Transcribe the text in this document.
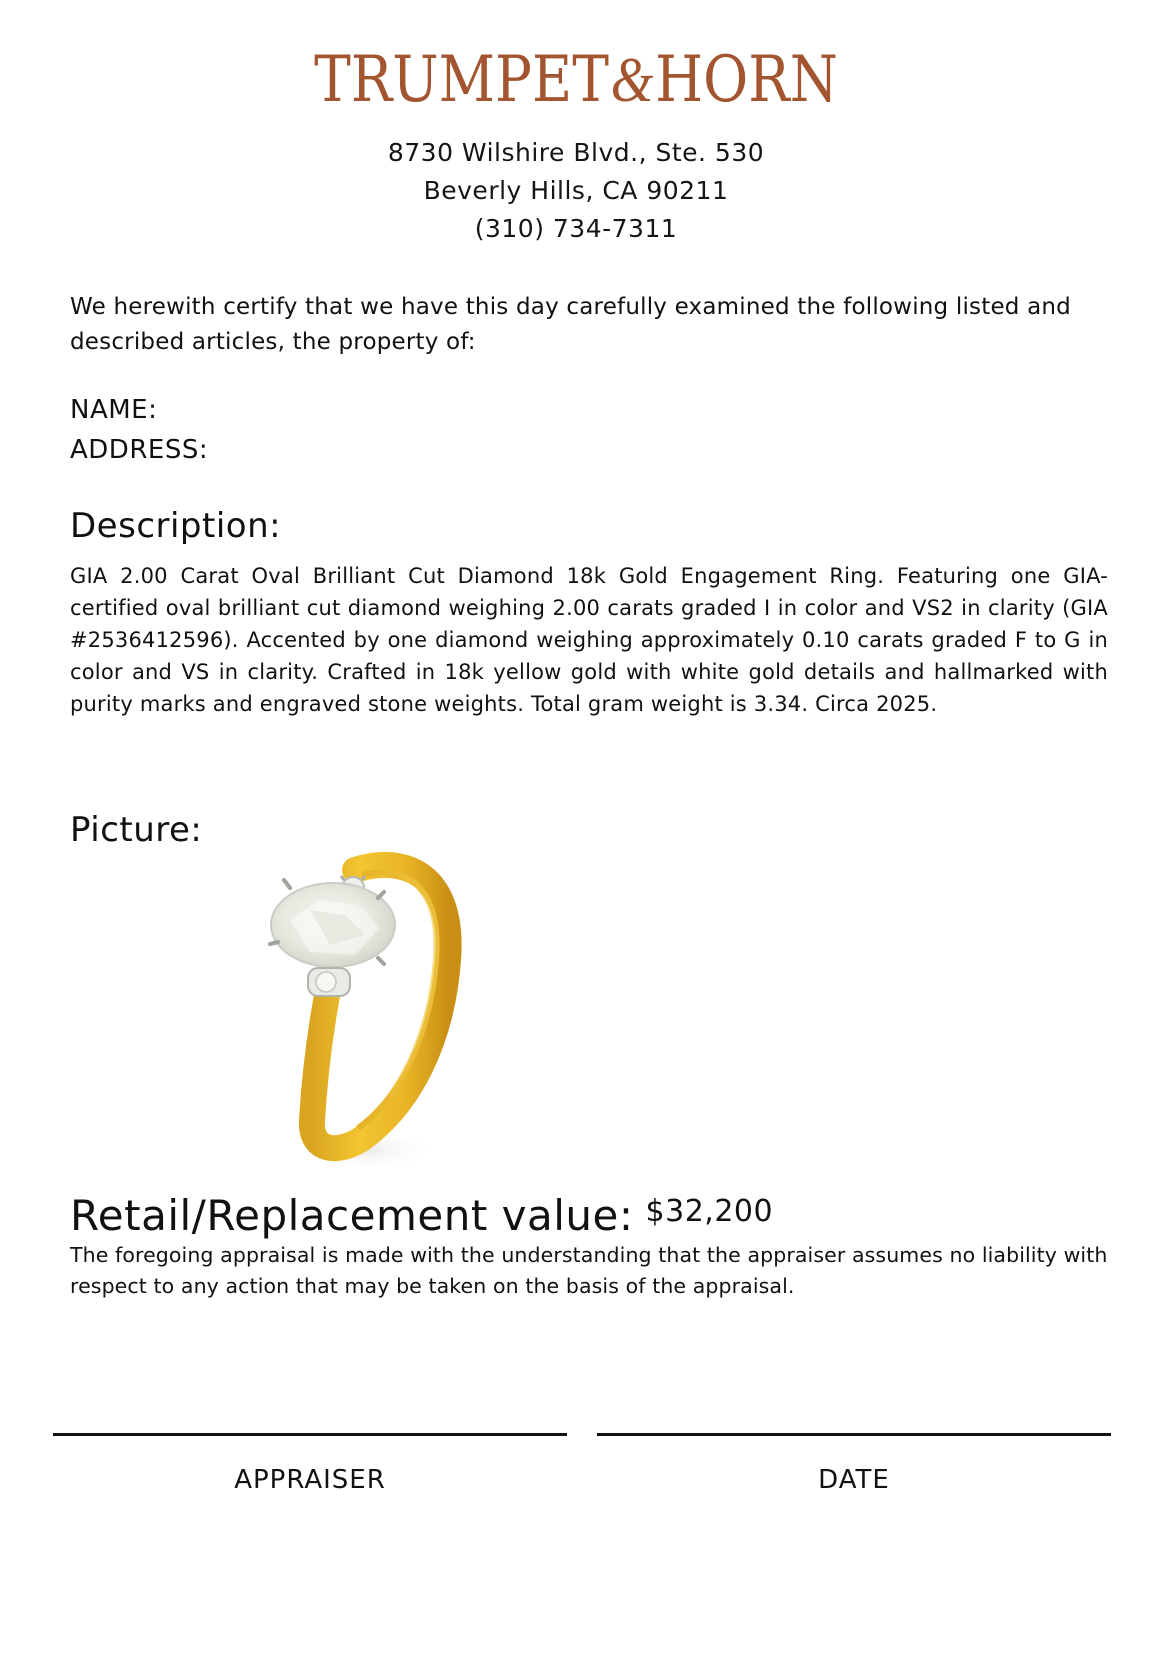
TRUMPET&HORN
8730 Wilshire Blvd., Ste. 530
Beverly Hills, CA 90211
(310) 734-7311
We herewith certify that we have this day carefully examined the following listed and described articles, the property of:
NAME:
ADDRESS:
Description:
GIA 2.00 Carat Oval Brilliant Cut Diamond 18k Gold Engagement Ring. Featuring one GIA-certified oval brilliant cut diamond weighing 2.00 carats graded I in color and VS2 in clarity (GIA #2536412596). Accented by one diamond weighing approximately 0.10 carats graded F to G in color and VS in clarity. Crafted in 18k yellow gold with white gold details and hallmarked with purity marks and engraved stone weights. Total gram weight is 3.34. Circa 2025.
Picture:
Retail/Replacement value: $32,200
The foregoing appraisal is made with the understanding that the appraiser assumes no liability with respect to any action that may be taken on the basis of the appraisal.
APPRAISER	DATE
